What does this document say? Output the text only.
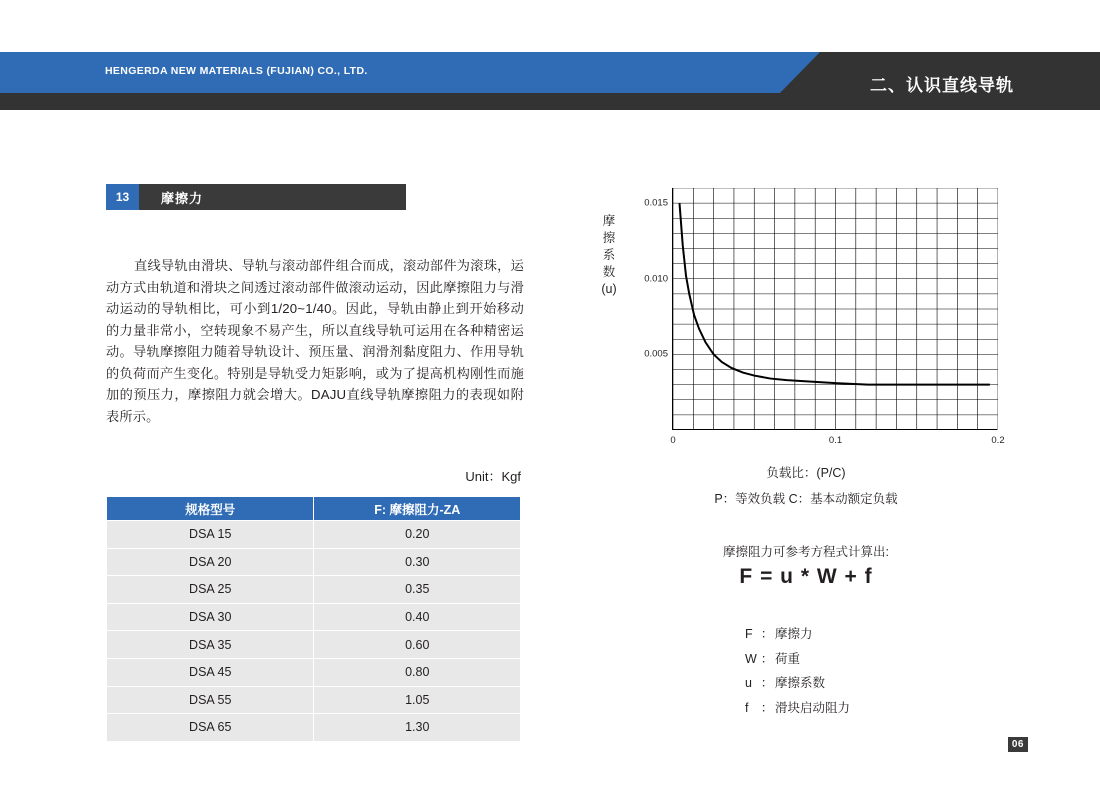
HENGERDA NEW MATERIALS (FUJIAN) CO., LTD.
二、认识直线导轨
13	摩擦力
直线导轨由滑块、导轨与滚动部件组合而成，滚动部件为滚珠，运动方式由轨道和滑块之间透过滚动部件做滚动运动，因此摩擦阻力与滑动运动的导轨相比，可小到1/20~1/40。因此，导轨由静止到开始移动的力量非常小，空转现象不易产生，所以直线导轨可运用在各种精密运动。导轨摩擦阻力随着导轨设计、预压量、润滑剂黏度阻力、作用导轨的负荷而产生变化。特别是导轨受力矩影响，或为了提高机构刚性而施加的预压力，摩擦阻力就会增大。DAJU直线导轨摩擦阻力的表现如附表所示。
Unit：Kgf
规格型号	F: 摩擦阻力-ZA
DSA 15	0.20
DSA 20	0.30
DSA 25	0.35
DSA 30	0.40
DSA 35	0.60
DSA 45	0.80
DSA 55	1.05
DSA 65	1.30
摩
擦
系
数
(u)
0.005
0.010
0.015
0	0.1	0.2
负载比：(P/C)
P：等效负载 C：基本动额定负载
摩擦阻力可参考方程式计算出:
F = u * W + f
F ： 摩擦力
W ： 荷重
u ： 摩擦系数
f ： 滑块启动阻力
06
